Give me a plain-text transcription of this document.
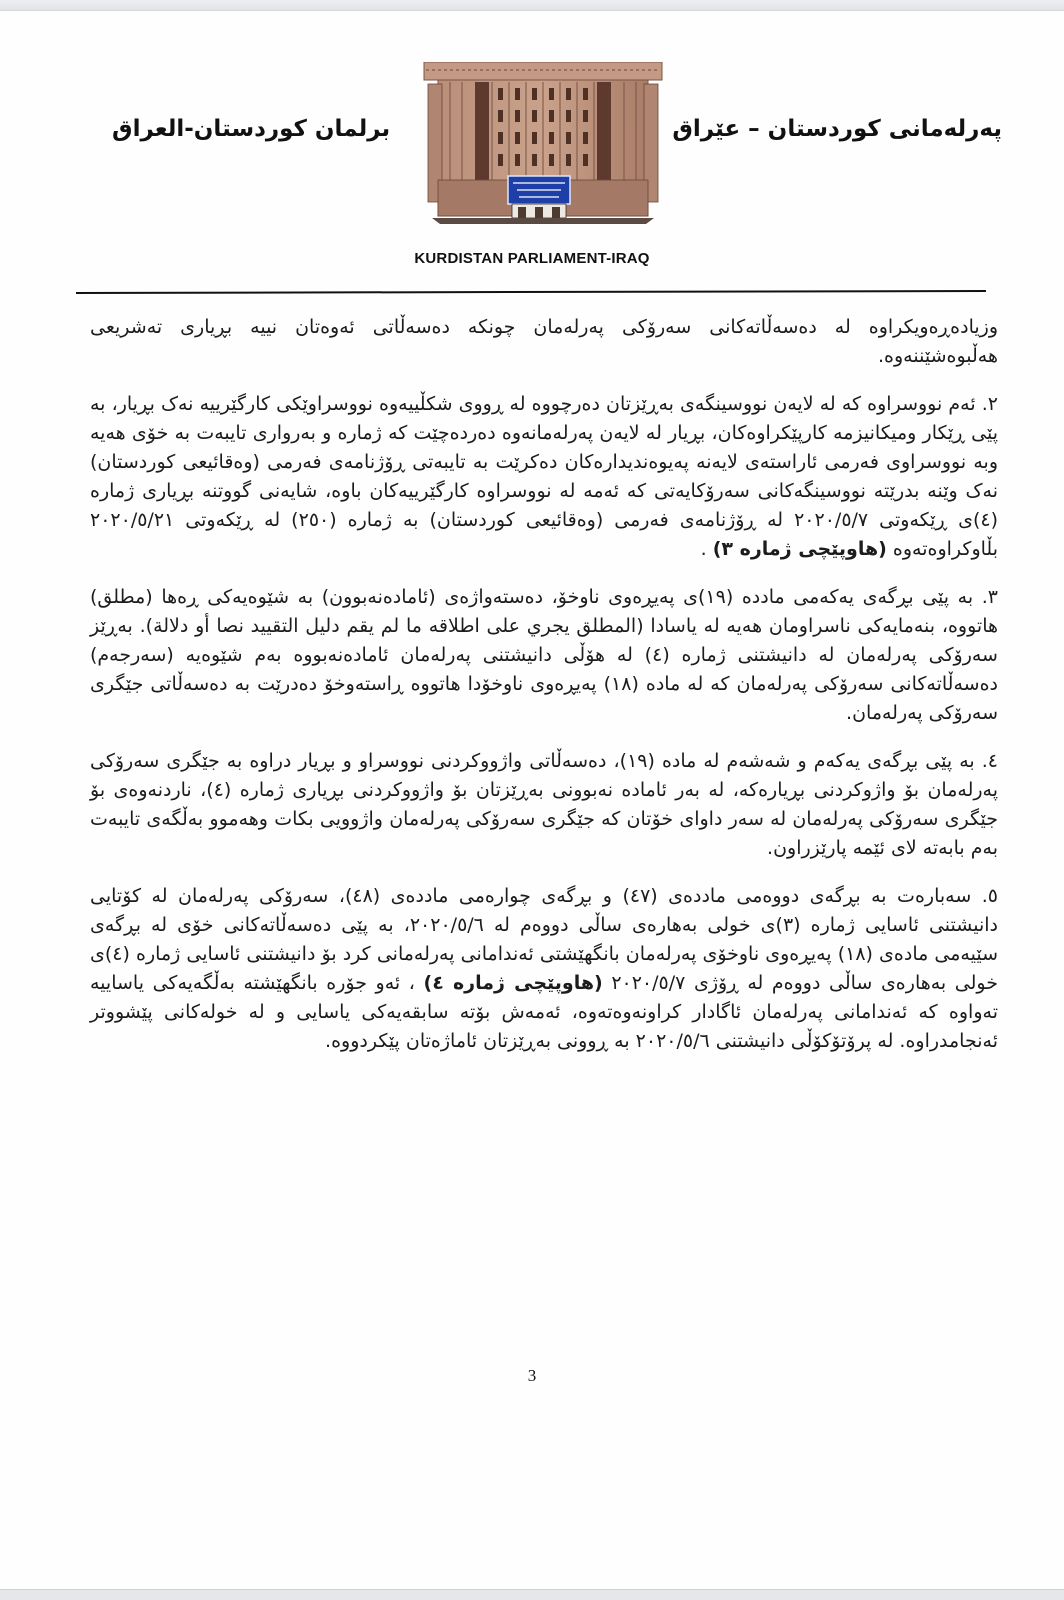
پەرلەمانی کوردستان – عێراق
برلمان كوردستان-العراق
KURDISTAN PARLIAMENT-IRAQ

وزیادەڕەویکراوە لە دەسەڵاتەکانی سەرۆکی پەرلەمان چونکە دەسەڵاتی ئەوەتان نییە بڕیاری تەشریعی هەڵبوەشێننەوە.

٢. ئەم نووسراوە کە لە لایەن نووسینگەی بەڕێزتان دەرچووە لە ڕووی شکڵییەوە نووسراوێکی کارگێرییە نەک بڕیار، بە پێی ڕێکار ومیکانیزمە کارپێکراوەکان، بڕیار لە لایەن پەرلەمانەوە دەردەچێت کە ژمارە و بەرواری تایبەت بە خۆی هەیە وبە نووسراوی فەرمی ئاراستەی لایەنە پەیوەندیدارەکان دەکرێت بە تایبەتی ڕۆژنامەی فەرمی (وەقائیعی کوردستان) نەک وێنە بدرێتە نووسینگەکانی سەرۆکایەتی کە ئەمە لە نووسراوە کارگێرییەکان باوە، شایەنی گووتنە بڕیاری ژمارە (٤)ی ڕێکەوتی ٢٠٢٠/٥/٧ لە ڕۆژنامەی فەرمی (وەقائیعی کوردستان) بە ژمارە (٢٥٠) لە ڕێکەوتی ٢٠٢٠/٥/٢١ بڵاوکراوەتەوە (هاوپێچی ژمارە ٣) .

٣. بە پێی بڕگەی یەکەمی مادده (١٩)ی پەیڕەوی ناوخۆ، دەستەواژەی (ئامادەنەبوون) بە شێوەیەکی ڕەها (مطلق) هاتووە، بنەمایەکی ناسراومان هەیە لە یاسادا (المطلق يجري على اطلاقه ما لم يقم دليل التقييد نصا أو دلالة). بەڕێز سەرۆکی پەرلەمان لە دانیشتنی ژمارە (٤) لە هۆڵی دانیشتنی پەرلەمان ئامادەنەبووە بەم شێوەیە (سەرجەم) دەسەڵاتەکانی سەرۆکی پەرلەمان کە لە ماده (١٨) پەیڕەوی ناوخۆدا هاتووە ڕاستەوخۆ دەدرێت بە دەسەڵاتی جێگری سەرۆکی پەرلەمان.

٤. بە پێی بڕگەی یەکەم و شەشەم لە ماده (١٩)، دەسەڵاتی واژووکردنی نووسراو و بڕیار دراوە بە جێگری سەرۆکی پەرلەمان بۆ واژوکردنی بڕیارەکە، لە بەر ئامادە نەبوونی بەڕێزتان بۆ واژووکردنی بڕیاری ژمارە (٤)، ناردنەوەی بۆ جێگری سەرۆکی پەرلەمان لە سەر داوای خۆتان کە جێگری سەرۆکی پەرلەمان واژوویی بکات وهەموو بەڵگەی تایبەت بەم بابەتە لای ئێمە پارێزراون.

٥. سەبارەت بە بڕگەی دووەمی ماددەی (٤٧) و بڕگەی چوارەمی ماددەی (٤٨)، سەرۆکی پەرلەمان لە کۆتایی دانیشتنی ئاسایی ژمارە (٣)ی خولی بەهارەی ساڵی دووەم لە ٢٠٢٠/٥/٦، بە پێی دەسەڵاتەکانی خۆی لە بڕگەی سێیەمی مادەی (١٨) پەیڕەوی ناوخۆی پەرلەمان بانگهێشتی ئەندامانی پەرلەمانی کرد بۆ دانیشتنی ئاسایی ژمارە (٤)ی خولی بەهارەی ساڵی دووەم لە ڕۆژی ٢٠٢٠/٥/٧ (هاوپێچی ژمارە ٤) ، ئەو جۆرە بانگهێشتە بەڵگەیەکی یاساییە تەواوە کە ئەندامانی پەرلەمان ئاگادار کراونەوەتەوە، ئەمەش بۆتە سابقەیەکی یاسایی و لە خولەکانی پێشووتر ئەنجامدراوە. لە پرۆتۆکۆڵی دانیشتنی ٢٠٢٠/٥/٦ بە ڕوونی بەڕێزتان ئاماژەتان پێکردووە.

3
